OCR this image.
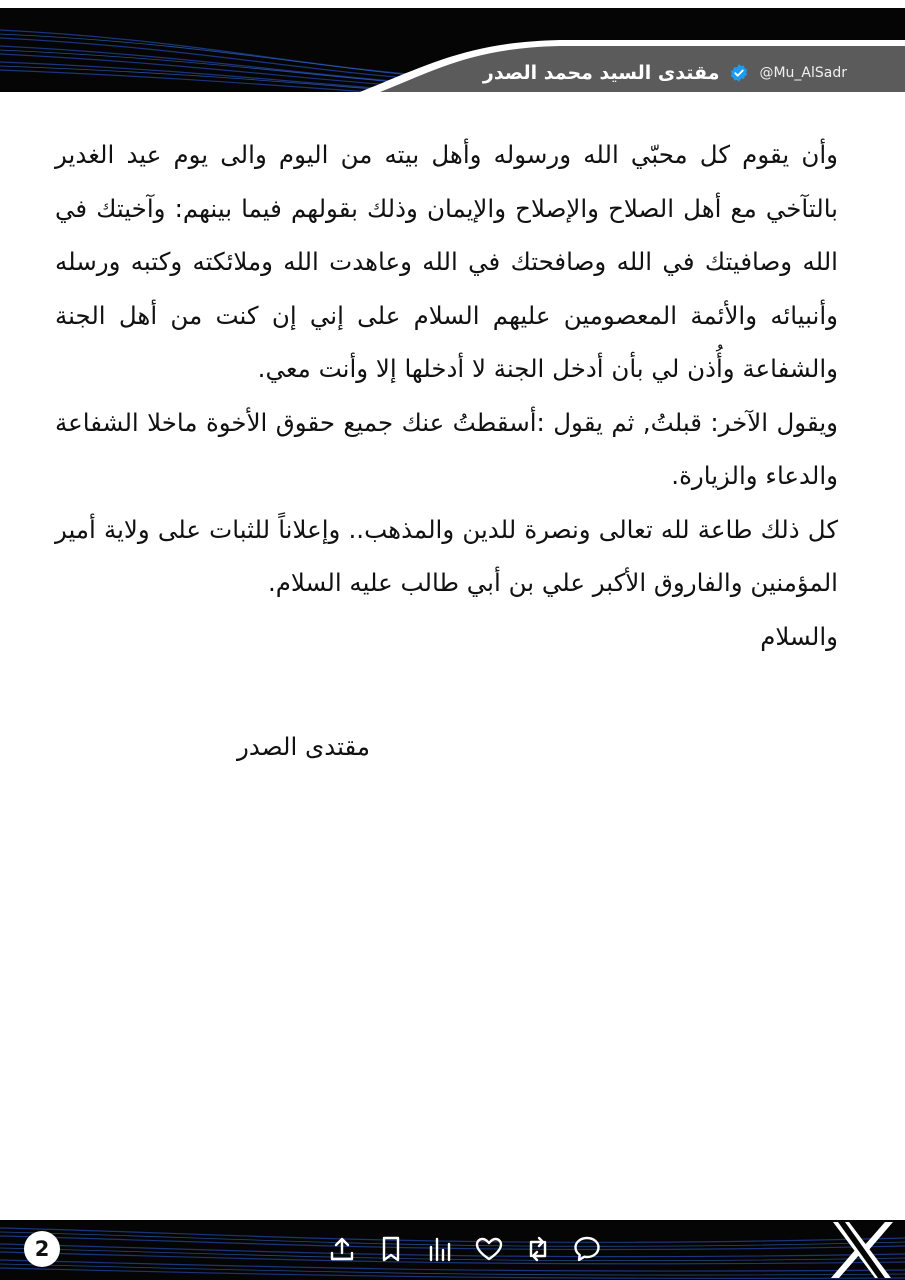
مقتدى السيد محمد الصدر	@Mu_AlSadr

وأن يقوم كل محبّي الله ورسوله وأهل بيته من اليوم والى يوم عيد الغدير بالتآخي مع أهل الصلاح والإصلاح والإيمان وذلك بقولهم فيما بينهم: وآخيتك في الله وصافيتك في الله وصافحتك في الله وعاهدت الله وملائكته وكتبه ورسله وأنبيائه والأئمة المعصومين عليهم السلام على إني إن كنت من أهل الجنة والشفاعة وأُذن لي بأن أدخل الجنة لا أدخلها إلا وأنت معي.

ويقول الآخر: قبلتُ, ثم يقول :أسقطتُ عنك جميع حقوق الأخوة ماخلا الشفاعة والدعاء والزيارة.

كل ذلك طاعة لله تعالى ونصرة للدين والمذهب.. وإعلاناً للثبات على ولاية أمير المؤمنين والفاروق الأكبر علي بن أبي طالب عليه السلام.

والسلام

مقتدى الصدر
2
